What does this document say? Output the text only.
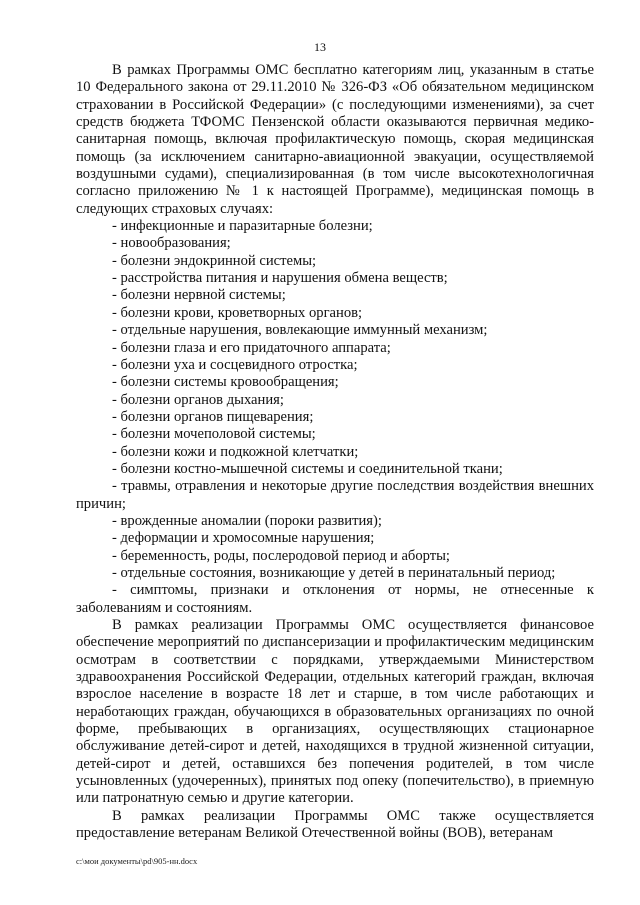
13

В рамках Программы ОМС бесплатно категориям лиц, указанным в статье 10 Федерального закона от 29.11.2010 № 326-ФЗ «Об обязательном медицинском страховании в Российской Федерации» (с последующими изменениями), за счет средств бюджета ТФОМС Пензенской области оказываются первичная медико-санитарная помощь, включая профилактическую помощь, скорая медицинская помощь (за исключением санитарно-авиационной эвакуации, осуществляемой воздушными судами), специализированная (в том числе высокотехнологичная согласно приложению № 1 к настоящей Программе), медицинская помощь в следующих страховых случаях:

- инфекционные и паразитарные болезни;

- новообразования;

- болезни эндокринной системы;

- расстройства питания и нарушения обмена веществ;

- болезни нервной системы;

- болезни крови, кроветворных органов;

- отдельные нарушения, вовлекающие иммунный механизм;

- болезни глаза и его придаточного аппарата;

- болезни уха и сосцевидного отростка;

- болезни системы кровообращения;

- болезни органов дыхания;

- болезни органов пищеварения;

- болезни мочеполовой системы;

- болезни кожи и подкожной клетчатки;

- болезни костно-мышечной системы и соединительной ткани;

- травмы, отравления и некоторые другие последствия воздействия внешних причин;

- врожденные аномалии (пороки развития);

- деформации и хромосомные нарушения;

- беременность, роды, послеродовой период и аборты;

- отдельные состояния, возникающие у детей в перинатальный период;

- симптомы, признаки и отклонения от нормы, не отнесенные к заболеваниям и состояниям.

В рамках реализации Программы ОМС осуществляется финансовое обеспечение мероприятий по диспансеризации и профилактическим медицинским осмотрам в соответствии с порядками, утверждаемыми Министерством здравоохранения Российской Федерации, отдельных категорий граждан, включая взрослое население в возрасте 18 лет и старше, в том числе работающих и неработающих граждан, обучающихся в образовательных организациях по очной форме, пребывающих в организациях, осуществляющих стационарное обслуживание детей-сирот и детей, находящихся в трудной жизненной ситуации, детей-сирот и детей, оставшихся без попечения родителей, в том числе усыновленных (удочеренных), принятых под опеку (попечительство), в приемную или патронатную семью и другие категории.

В рамках реализации Программы ОМС также осуществляется предоставление ветеранам Великой Отечественной войны (ВОВ), ветеранам

c:\мои документы\pd\905-нн.docx
